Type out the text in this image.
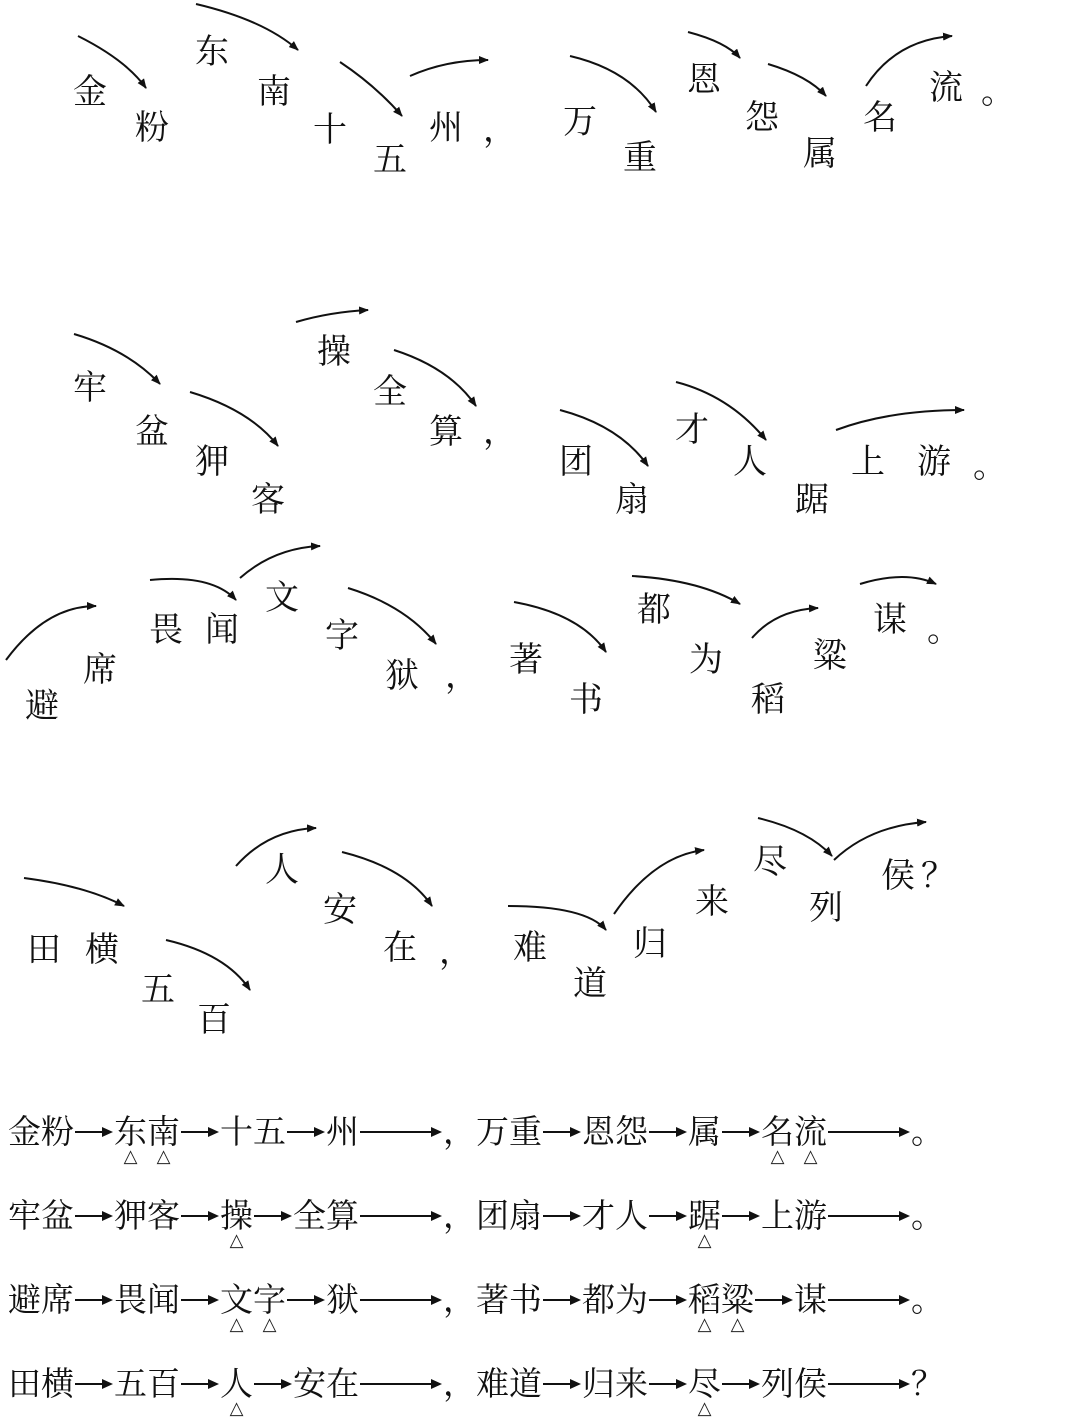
金
粉
东
南
十
五
州 ， 万
重
恩
怨
属
名
流 。
牢
盆
狎
客
操
全
算 ，
团
扇
才
人
踞
上 游 。
避
席
畏 闻
文
字
狱 ， 著
书
都
为
稻
粱
谋 。
田 横
五
百
人
安
在 ， 难
道
归
来
尽
列
侯 ？
金 粉 东
△
南
△
十 五 州	，万 重 恩 怨 属 名
△
流
△
。
牢 盆 狎 客 操
△
全 算	，团 扇 才 人 踞
△
上 游	。
避 席 畏 闻 文
△
字
△
狱	，著 书 都 为 稻
△
粱
△
谋	。
田 横 五 百 人
△
安 在	，难 道 归 来 尽
△
列 侯	？
